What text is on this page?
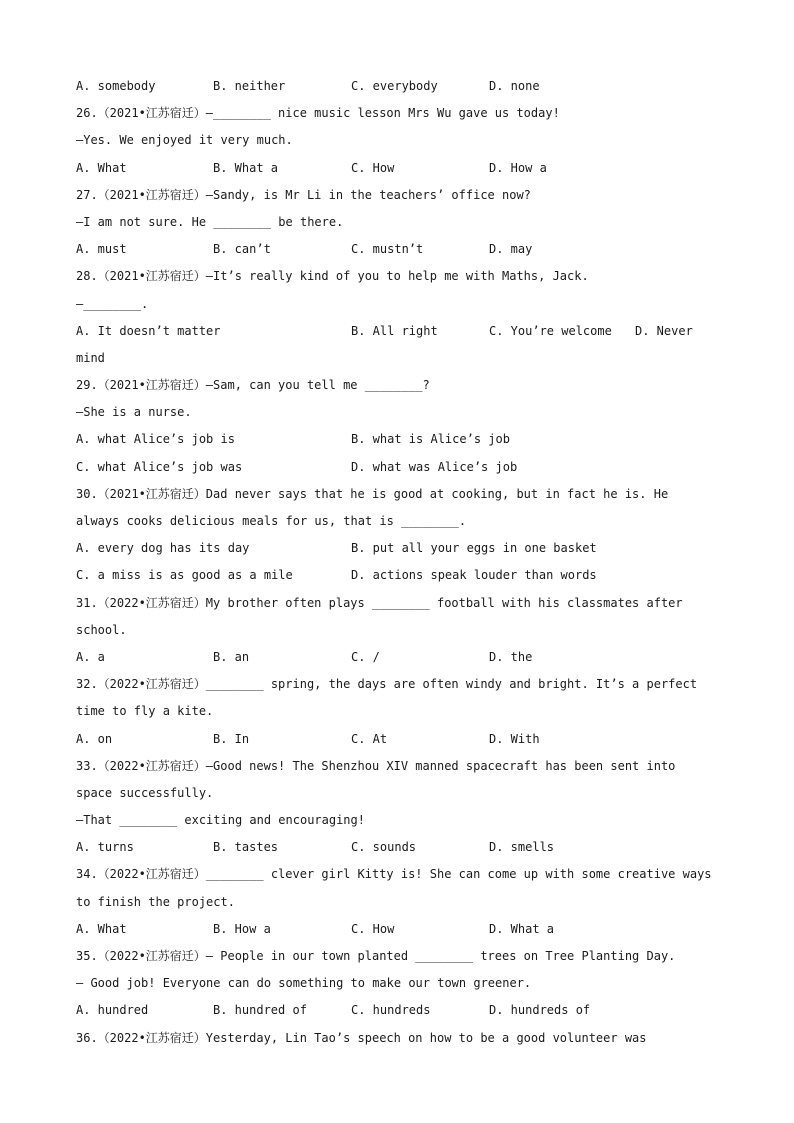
A. somebody

	B. neither

	C. everybody

	D. none

26.（2021•江苏宿迁）—________ nice music lesson Mrs Wu gave us today!
—Yes. We enjoyed it very much.

A. What

	B. What a

	C. How

	D. How a

27.（2021•江苏宿迁）—Sandy, is Mr Li in the teachers’ office now?
—I am not sure. He ________ be there.

A. must

	B. can’t

	C. mustn’t

	D. may

28.（2021•江苏宿迁）—It’s really kind of you to help me with Maths, Jack.
—________.

A. It doesn’t matter

	B. All right

	C. You’re welcome

D. Never

mind
29.（2021•江苏宿迁）—Sam, can you tell me ________?
—She is a nurse.

A. what Alice’s job is

	B. what is Alice’s job

C. what Alice’s job was

	D. what was Alice’s job

30.（2021•江苏宿迁）Dad never says that he is good at cooking, but in fact he is. He
always cooks delicious meals for us, that is ________.

A. every dog has its day

	B. put all your eggs in one basket

C. a miss is as good as a mile

	D. actions speak louder than words

31.（2022•江苏宿迁）My brother often plays ________ football with his classmates after
school.

A. a

	B. an

	C. /

	D. the

32.（2022•江苏宿迁）________ spring, the days are often windy and bright. It’s a perfect
time to fly a kite.

A. on

	B. In

	C. At

	D. With

33.（2022•江苏宿迁）—Good news! The Shenzhou XIV manned spacecraft has been sent into
space successfully.
—That ________ exciting and encouraging!

A. turns

	B. tastes

	C. sounds

	D. smells

34.（2022•江苏宿迁）________ clever girl Kitty is! She can come up with some creative ways
to finish the project.

A. What

	B. How a

	C. How

	D. What a

35.（2022•江苏宿迁）— People in our town planted ________ trees on Tree Planting Day.
— Good job! Everyone can do something to make our town greener.

A. hundred

	B. hundred of

	C. hundreds

	D. hundreds of

36.（2022•江苏宿迁）Yesterday, Lin Tao’s speech on how to be a good volunteer was
